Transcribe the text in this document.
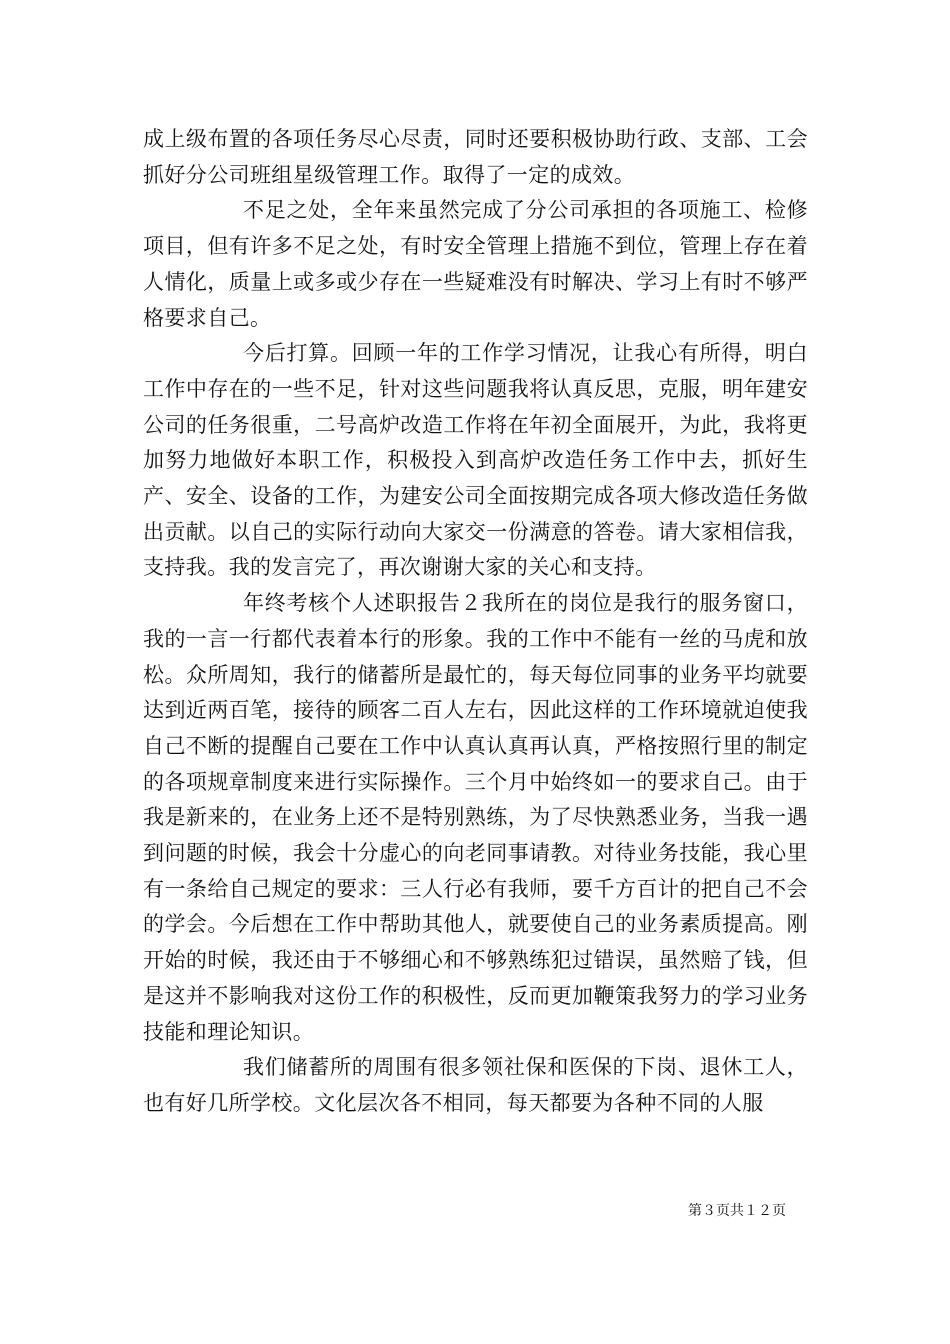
成上级布置的各项任务尽心尽责，同时还要积极协助行政、支部、工会抓好分公司班组星级管理工作。取得了一定的成效。

不足之处，全年来虽然完成了分公司承担的各项施工、检修项目，但有许多不足之处，有时安全管理上措施不到位，管理上存在着人情化，质量上或多或少存在一些疑难没有时解决、学习上有时不够严格要求自己。

今后打算。回顾一年的工作学习情况，让我心有所得，明白工作中存在的一些不足，针对这些问题我将认真反思，克服，明年建安公司的任务很重，二号高炉改造工作将在年初全面展开，为此，我将更加努力地做好本职工作，积极投入到高炉改造任务工作中去，抓好生产、安全、设备的工作，为建安公司全面按期完成各项大修改造任务做出贡献。以自己的实际行动向大家交一份满意的答卷。请大家相信我，支持我。我的发言完了，再次谢谢大家的关心和支持。

年终考核个人述职报告２我所在的岗位是我行的服务窗口，我的一言一行都代表着本行的形象。我的工作中不能有一丝的马虎和放松。众所周知，我行的储蓄所是最忙的，每天每位同事的业务平均就要达到近两百笔，接待的顾客二百人左右，因此这样的工作环境就迫使我自己不断的提醒自己要在工作中认真认真再认真，严格按照行里的制定的各项规章制度来进行实际操作。三个月中始终如一的要求自己。由于我是新来的，在业务上还不是特别熟练，为了尽快熟悉业务，当我一遇到问题的时候，我会十分虚心的向老同事请教。对待业务技能，我心里有一条给自己规定的要求：三人行必有我师，要千方百计的把自己不会的学会。今后想在工作中帮助其他人，就要使自己的业务素质提高。刚开始的时候，我还由于不够细心和不够熟练犯过错误，虽然赔了钱，但是这并不影响我对这份工作的积极性，反而更加鞭策我努力的学习业务技能和理论知识。

我们储蓄所的周围有很多领社保和医保的下岗、退休工人，也有好几所学校。文化层次各不相同，每天都要为各种不同的人服

第３页共１２页
